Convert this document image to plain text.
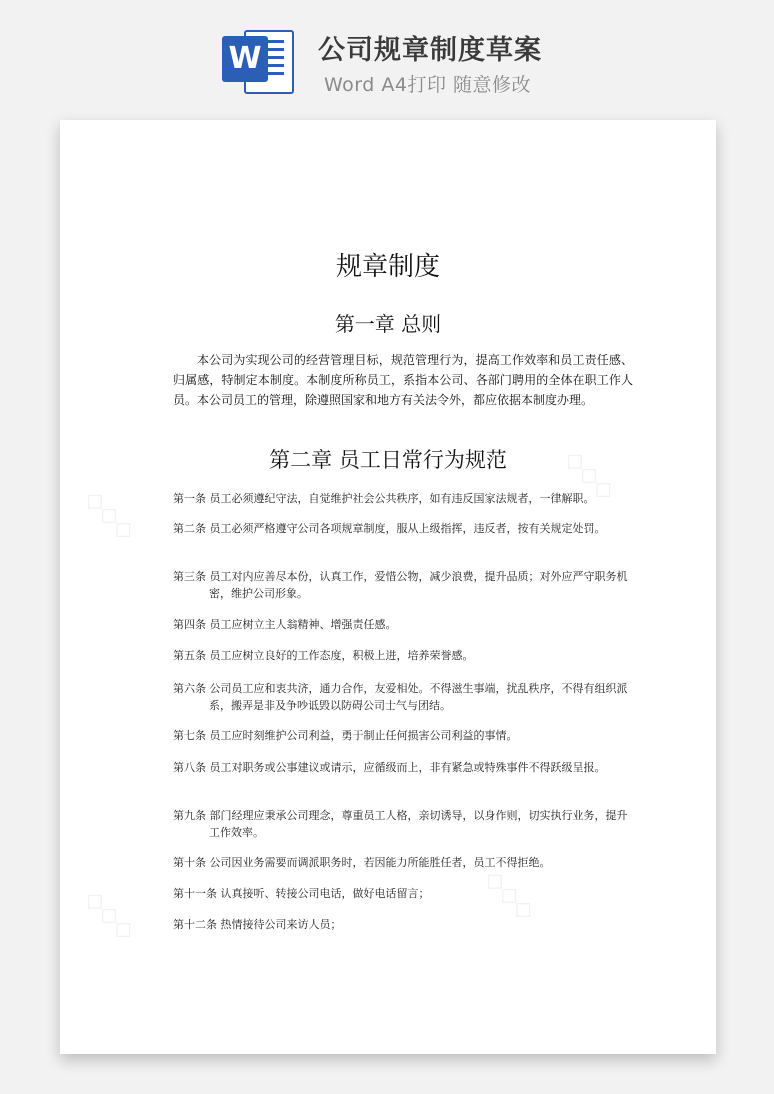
W 公司规章制度草案
Word A4打印 随意修改
◇◇◇
◇◇◇
◇◇◇	◇◇◇
规章制度
第一章 总则
本公司为实现公司的经营管理目标，规范管理行为，提高工作效率和员工责任感、归属感，特制定本制度。本制度所称员工，系指本公司、各部门聘用的全体在职工作人员。本公司员工的管理，除遵照国家和地方有关法令外，都应依据本制度办理。
第二章 员工日常行为规范
第一条 员工必须遵纪守法，自觉维护社会公共秩序，如有违反国家法规者，一律解职。
第二条 员工必须严格遵守公司各项规章制度，服从上级指挥，违反者，按有关规定处罚。
第三条 员工对内应善尽本份，认真工作，爱惜公物，减少浪费，提升品质；对外应严守职务机密，维护公司形象。
第四条 员工应树立主人翁精神、增强责任感。
第五条 员工应树立良好的工作态度，积极上进，培养荣誉感。
第六条 公司员工应和衷共济，通力合作，友爱相处。不得滋生事端，扰乱秩序，不得有组织派系，搬弄是非及争吵诋毁以防碍公司士气与团结。
第七条 员工应时刻维护公司利益，勇于制止任何损害公司利益的事情。
第八条 员工对职务或公事建议或请示，应循级而上，非有紧急或特殊事件不得跃级呈报。
第九条 部门经理应秉承公司理念，尊重员工人格，亲切诱导，以身作则，切实执行业务，提升工作效率。
第十条 公司因业务需要而调派职务时，若因能力所能胜任者，员工不得拒绝。
第十一条 认真接听、转接公司电话，做好电话留言；
第十二条 热情接待公司来访人员；
